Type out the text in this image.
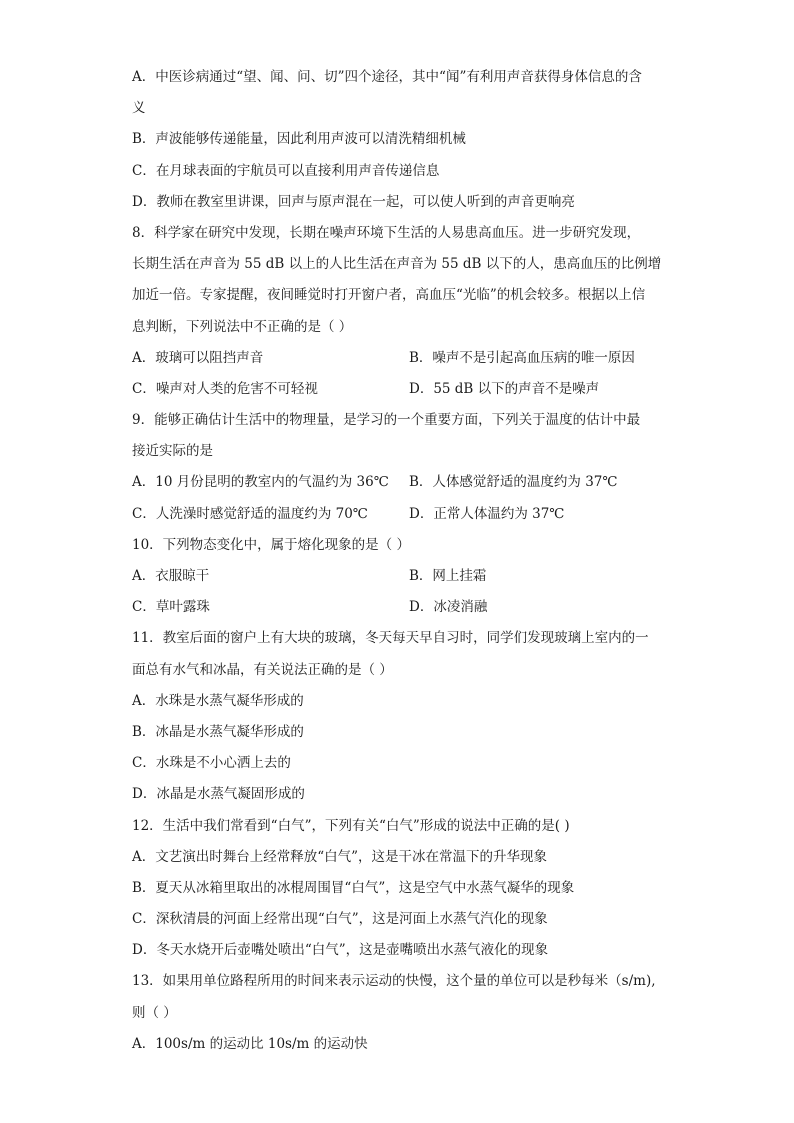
A．中医诊病通过“望、闻、问、切”四个途径，其中“闻”有利用声音获得身体信息的含
义
B．声波能够传递能量，因此利用声波可以清洗精细机械
C．在月球表面的宇航员可以直接利用声音传递信息
D．教师在教室里讲课，回声与原声混在一起，可以使人听到的声音更响亮
8．科学家在研究中发现，长期在噪声环境下生活的人易患高血压。进一步研究发现，
长期生活在声音为 55 dB 以上的人比生活在声音为 55 dB 以下的人，患高血压的比例增
加近一倍。专家提醒，夜间睡觉时打开窗户者，高血压“光临”的机会较多。根据以上信
息判断，下列说法中不正确的是（ ）
A．玻璃可以阻挡声音	B．噪声不是引起高血压病的唯一原因
C．噪声对人类的危害不可轻视	D．55 dB 以下的声音不是噪声
9．能够正确估计生活中的物理量，是学习的一个重要方面，下列关于温度的估计中最
接近实际的是
A．10 月份昆明的教室内的气温约为 36℃	B．人体感觉舒适的温度约为 37℃
C．人洗澡时感觉舒适的温度约为 70℃	D．正常人体温约为 37℃
10．下列物态变化中，属于熔化现象的是（ ）
A．衣服晾干	B．网上挂霜
C．草叶露珠	D．冰凌消融
11．教室后面的窗户上有大块的玻璃，冬天每天早自习时，同学们发现玻璃上室内的一
面总有水气和冰晶，有关说法正确的是（ ）
A．水珠是水蒸气凝华形成的
B．冰晶是水蒸气凝华形成的
C．水珠是不小心洒上去的
D．冰晶是水蒸气凝固形成的
12．生活中我们常看到“白气”，下列有关“白气”形成的说法中正确的是( )
A．文艺演出时舞台上经常释放“白气”，这是干冰在常温下的升华现象
B．夏天从冰箱里取出的冰棍周围冒“白气”，这是空气中水蒸气凝华的现象
C．深秋清晨的河面上经常出现“白气”，这是河面上水蒸气汽化的现象
D．冬天水烧开后壶嘴处喷出“白气”，这是壶嘴喷出水蒸气液化的现象
13．如果用单位路程所用的时间来表示运动的快慢，这个量的单位可以是秒每米（s/m),
则（ ）
A．100s/m 的运动比 10s/m 的运动快
